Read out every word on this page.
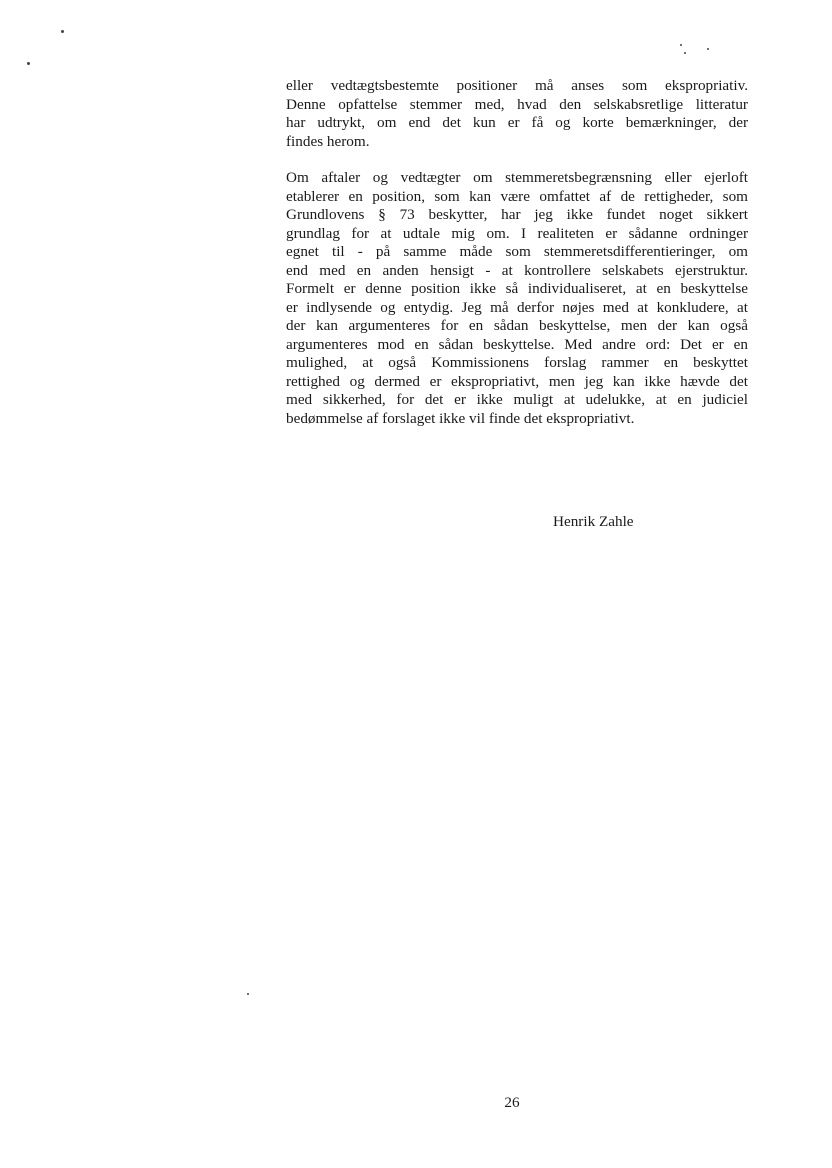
eller vedtægtsbestemte positioner må anses som ekspropriativ.
Denne opfattelse stemmer med, hvad den selskabsretlige litteratur
har udtrykt, om end det kun er få og korte bemærkninger, der
findes herom.

Om aftaler og vedtægter om stemmeretsbegrænsning eller ejerloft
etablerer en position, som kan være omfattet af de rettigheder, som
Grundlovens § 73 beskytter, har jeg ikke fundet noget sikkert
grundlag for at udtale mig om. I realiteten er sådanne ordninger
egnet til - på samme måde som stemmeretsdifferentieringer, om
end med en anden hensigt - at kontrollere selskabets ejerstruktur.
Formelt er denne position ikke så individualiseret, at en beskyttelse
er indlysende og entydig. Jeg må derfor nøjes med at konkludere, at
der kan argumenteres for en sådan beskyttelse, men der kan også
argumenteres mod en sådan beskyttelse. Med andre ord: Det er en
mulighed, at også Kommissionens forslag rammer en beskyttet
rettighed og dermed er ekspropriativt, men jeg kan ikke hævde det
med sikkerhed, for det er ikke muligt at udelukke, at en judiciel
bedømmelse af forslaget ikke vil finde det ekspropriativt.

Henrik Zahle
26
